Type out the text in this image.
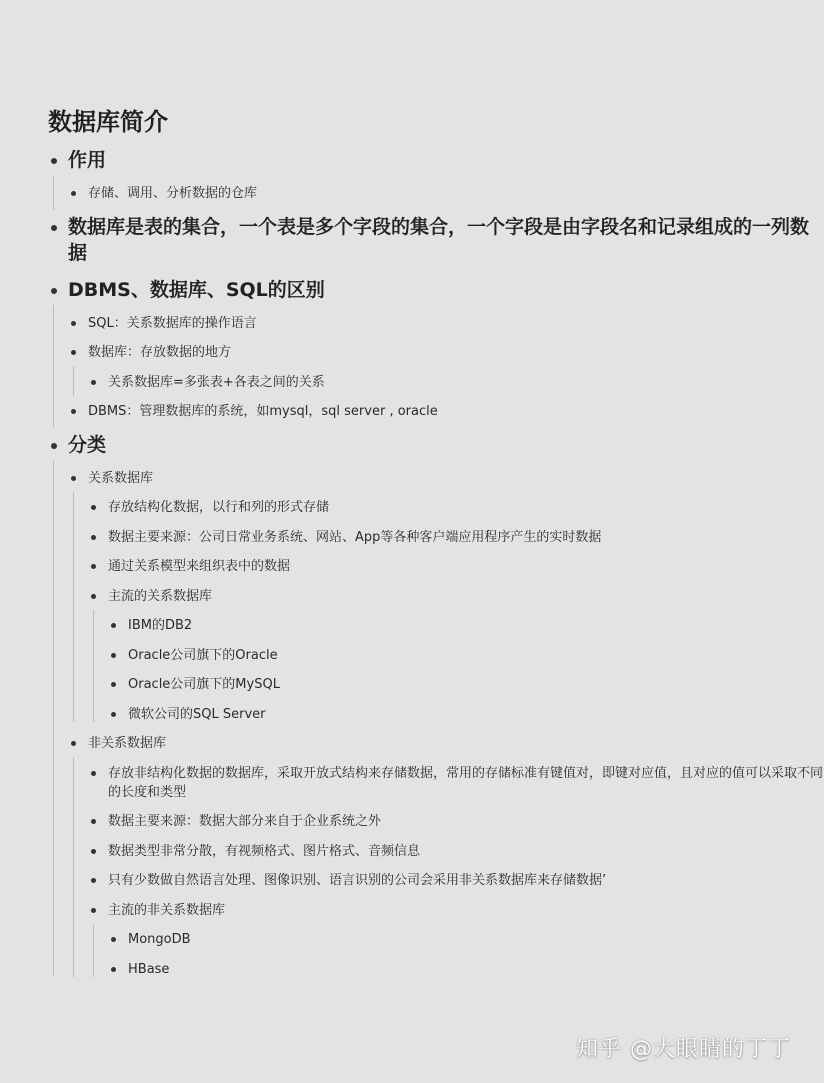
数据库简介
作用
存储、调用、分析数据的仓库
数据库是表的集合，一个表是多个字段的集合，一个字段是由字段名和记录组成的一列数
据
DBMS、数据库、SQL的区别
SQL：关系数据库的操作语言
数据库：存放数据的地方
关系数据库=多张表+各表之间的关系
DBMS：管理数据库的系统，如mysql，sql server , oracle
分类
关系数据库
存放结构化数据，以行和列的形式存储
数据主要来源：公司日常业务系统、网站、App等各种客户端应用程序产生的实时数据
通过关系模型来组织表中的数据
主流的关系数据库
IBM的DB2
Oracle公司旗下的Oracle
Oracle公司旗下的MySQL
微软公司的SQL Server
非关系数据库
存放非结构化数据的数据库，采取开放式结构来存储数据，常用的存储标准有键值对，即键对应值，且对应的值可以采取不同
的长度和类型
数据主要来源：数据大部分来自于企业系统之外
数据类型非常分散，有视频格式、图片格式、音频信息
只有少数做自然语言处理、图像识别、语言识别的公司会采用非关系数据库来存储数据’
主流的非关系数据库
MongoDB
HBase
知乎 @大眼睛的丁丁
